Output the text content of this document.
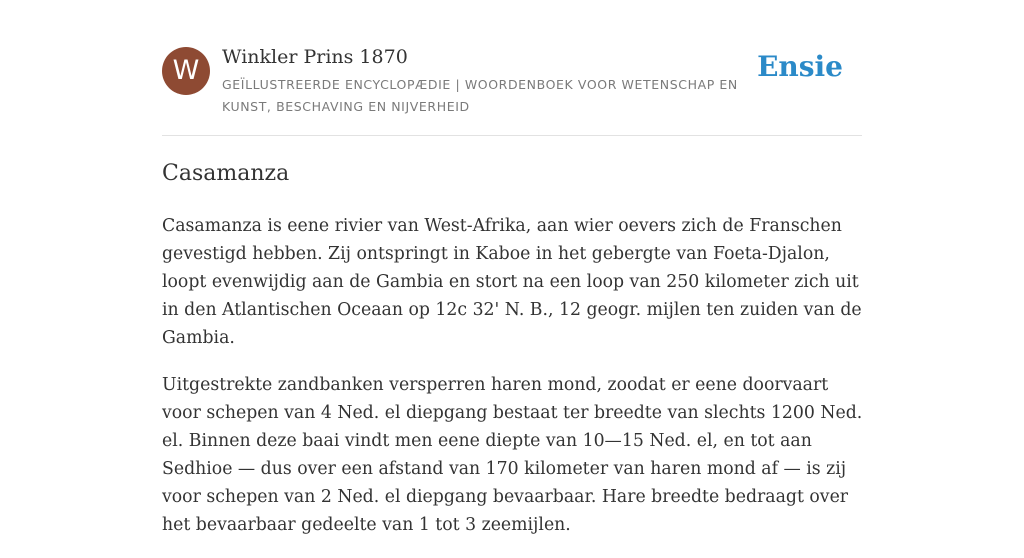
W	Winkler Prins 1870
GEÏLLUSTREERDE ENCYCLOPÆDIE | WOORDENBOEK VOOR WETENSCHAP EN KUNST, BESCHAVING EN NIJVERHEID
Ensie
Casamanza

Casamanza is eene rivier van West-Afrika, aan wier oevers zich de Franschen gevestigd hebben. Zij ontspringt in Kaboe in het gebergte van Foeta-Djalon, loopt evenwijdig aan de Gambia en stort na een loop van 250 kilometer zich uit in den Atlantischen Oceaan op 12c 32' N. B., 12 geogr. mijlen ten zuiden van de Gambia.

Uitgestrekte zandbanken versperren haren mond, zoodat er eene doorvaart voor schepen van 4 Ned. el diepgang bestaat ter breedte van slechts 1200 Ned. el. Binnen deze baai vindt men eene diepte van 10—15 Ned. el, en tot aan Sedhioe — dus over een afstand van 170 kilometer van haren mond af — is zij voor schepen van 2 Ned. el diepgang bevaarbaar. Hare breedte bedraagt over het bevaarbaar gedeelte van 1 tot 3 zeemijlen.
